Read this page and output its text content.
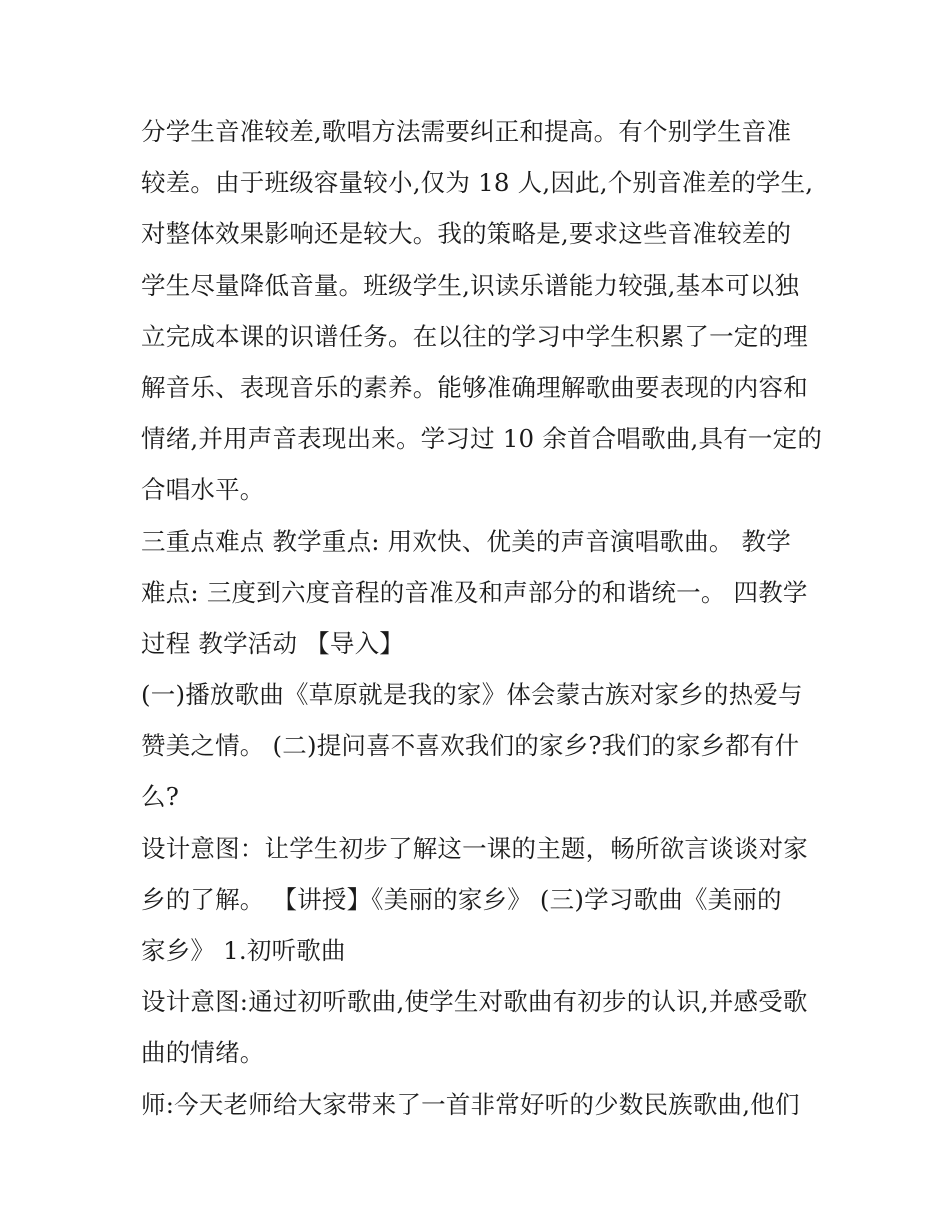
分学生音准较差,歌唱方法需要纠正和提高。有个别学生音准
较差。由于班级容量较小,仅为 18 人,因此,个别音准差的学生,
对整体效果影响还是较大。我的策略是,要求这些音准较差的
学生尽量降低音量。班级学生,识读乐谱能力较强,基本可以独
立完成本课的识谱任务。在以往的学习中学生积累了一定的理
解音乐、表现音乐的素养。能够准确理解歌曲要表现的内容和
情绪,并用声音表现出来。学习过 10 余首合唱歌曲,具有一定的
合唱水平。
三重点难点 教学重点: 用欢快、优美的声音演唱歌曲。 教学
难点: 三度到六度音程的音准及和声部分的和谐统一。 四教学
过程 教学活动 【导入】
(一)播放歌曲《草原就是我的家》体会蒙古族对家乡的热爱与
赞美之情。 (二)提问喜不喜欢我们的家乡?我们的家乡都有什
么?
设计意图：让学生初步了解这一课的主题，畅所欲言谈谈对家
乡的了解。 【讲授】《美丽的家乡》 (三)学习歌曲《美丽的
家乡》 1.初听歌曲
设计意图:通过初听歌曲,使学生对歌曲有初步的认识,并感受歌
曲的情绪。
师:今天老师给大家带来了一首非常好听的少数民族歌曲,他们
